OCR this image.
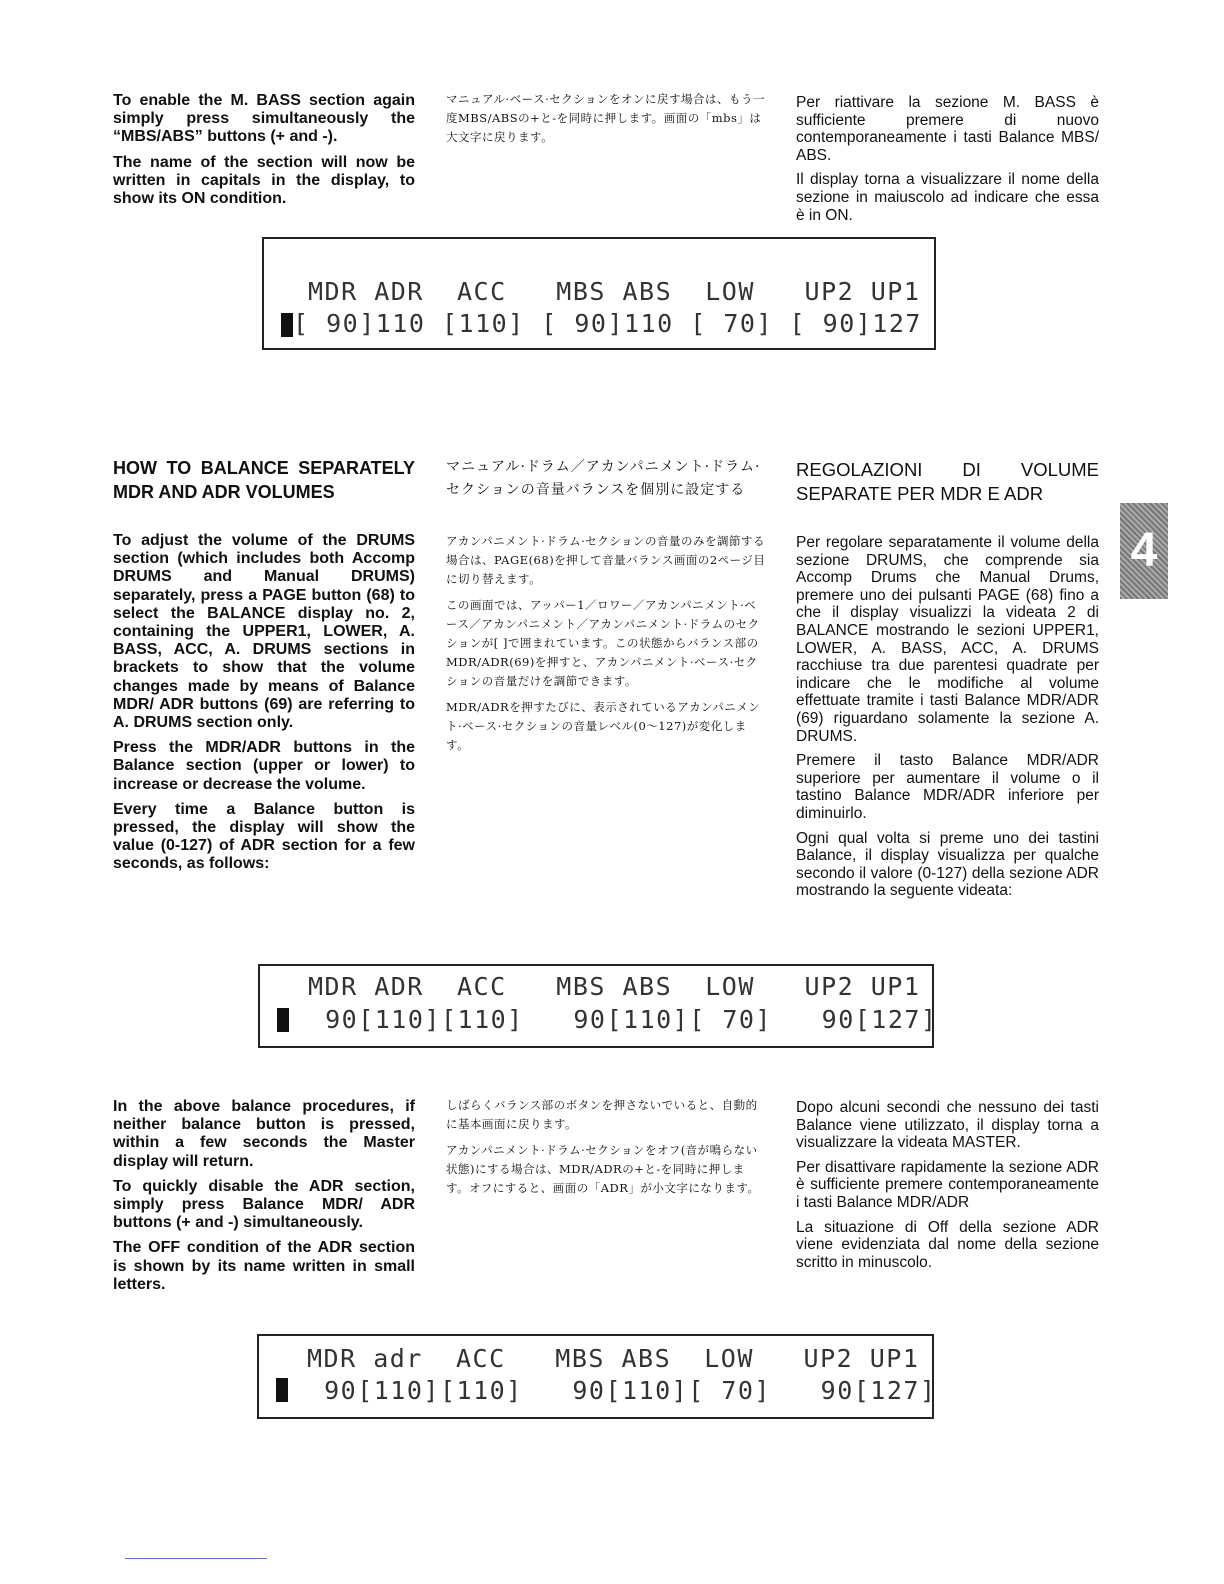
To enable the M. BASS section again simply press simultaneously the “MBS/ABS” buttons (+ and -).

The name of the section will now be written in capitals in the display, to show its ON condition.

マニュアル·ベース·セクションをオンに戻す場合は、もう一度MBS/ABSの+と-を同時に押します。画面の「mbs」は大文字に戻ります。

Per riattivare la sezione M. BASS è sufficiente premere di nuovo contemporaneamente i tasti Balance MBS/ ABS.

Il display torna a visualizzare il nome della sezione in maiuscolo ad indicare che essa è in ON.

MDR ADR  ACC   MBS ABS  LOW   UP2 UP1
[ 90]110 [110] [ 90]110 [ 70] [ 90]127
HOW TO BALANCE SEPARATELY MDR AND ADR VOLUMES
マニュアル·ドラム／アカンパニメント·ドラム·セクションの音量バランスを個別に設定する
REGOLAZIONI DI VOLUME SEPARATE PER MDR E ADR

To adjust the volume of the DRUMS section (which includes both Accomp DRUMS and Manual DRUMS) separately, press a PAGE button (68) to select the BALANCE display no. 2, containing the UPPER1, LOWER, A. BASS, ACC, A. DRUMS sections in brackets to show that the volume changes made by means of Balance MDR/ ADR buttons (69) are referring to A. DRUMS section only.

Press the MDR/ADR buttons in the Balance section (upper or lower) to increase or decrease the volume.

Every time a Balance button is pressed, the display will show the value (0-127) of ADR section for a few seconds, as follows:

アカンパニメント·ドラム·セクションの音量のみを調節する場合は、PAGE(68)を押して音量バランス画面の2ページ目に切り替えます。

この画面では、アッパー1／ロワー／アカンパニメント·ベース／アカンパニメント／アカンパニメント·ドラムのセクションが[ ]で囲まれています。この状態からバランス部のMDR/ADR(69)を押すと、アカンパニメント·ベース·セクションの音量だけを調節できます。

MDR/ADRを押すたびに、表示されているアカンパニメント·ベース·セクションの音量レベル(0～127)が変化します。

Per regolare separatamente il volume della sezione DRUMS, che comprende sia Accomp Drums che Manual Drums, premere uno dei pulsanti PAGE (68) fino a che il display visualizzi la videata 2 di BALANCE mostrando le sezioni UPPER1, LOWER, A. BASS, ACC, A. DRUMS racchiuse tra due parentesi quadrate per indicare che le modifiche al volume effettuate tramite i tasti Balance MDR/ADR (69) riguardano solamente la sezione A. DRUMS.

Premere il tasto Balance MDR/ADR superiore per aumentare il volume o il tastino Balance MDR/ADR inferiore per diminuirlo.

Ogni qual volta si preme uno dei tastini Balance, il display visualizza per qualche secondo il valore (0-127) della sezione ADR mostrando la seguente videata:

4
MDR ADR  ACC   MBS ABS  LOW   UP2 UP1
90[110][110]   90[110][ 70]   90[127]

In the above balance procedures, if neither balance button is pressed, within a few seconds the Master display will return.

To quickly disable the ADR section, simply press Balance MDR/ ADR buttons (+ and -) simultaneously.

The OFF condition of the ADR section is shown by its name written in small letters.

しばらくバランス部のボタンを押さないでいると、自動的に基本画面に戻ります。

アカンパニメント·ドラム·セクションをオフ(音が鳴らない状態)にする場合は、MDR/ADRの+と-を同時に押します。オフにすると、画面の「ADR」が小文字になります。

Dopo alcuni secondi che nessuno dei tasti Balance viene utilizzato, il display torna a visualizzare la videata MASTER.

Per disattivare rapidamente la sezione ADR è sufficiente premere contemporaneamente i tasti Balance MDR/ADR

La situazione di Off della sezione ADR viene evidenziata dal nome della sezione scritto in minuscolo.

MDR adr  ACC   MBS ABS  LOW   UP2 UP1
90[110][110]   90[110][ 70]   90[127]
